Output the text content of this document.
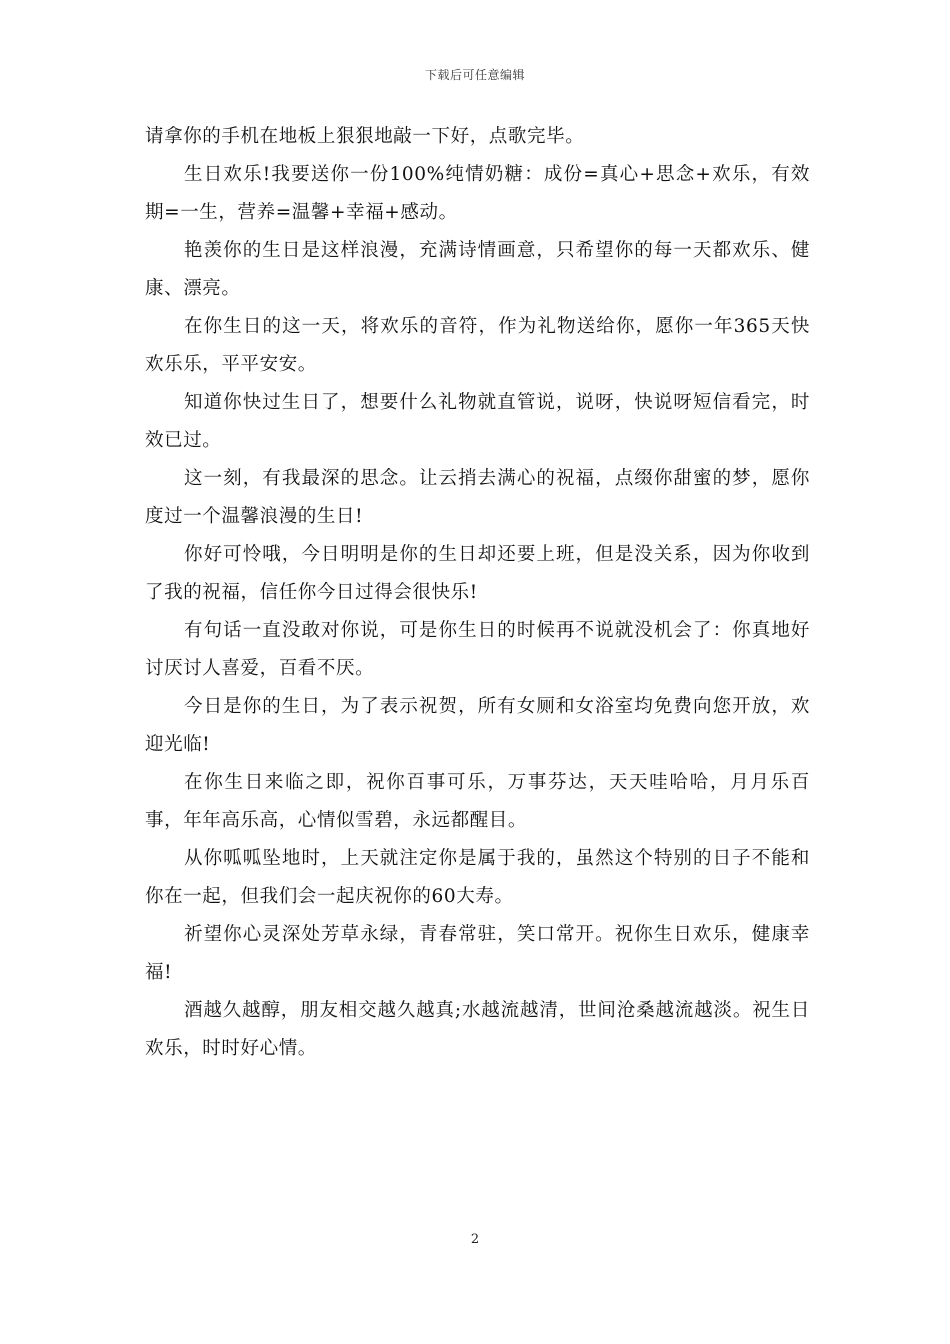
下载后可任意编辑

请拿你的手机在地板上狠狠地敲一下好，点歌完毕。

生日欢乐!我要送你一份100%纯情奶糖：成份=真心+思念+欢乐，有效期=一生，营养=温馨+幸福+感动。

艳羡你的生日是这样浪漫，充满诗情画意，只希望你的每一天都欢乐、健康、漂亮。

在你生日的这一天，将欢乐的音符，作为礼物送给你，愿你一年365天快欢乐乐，平平安安。

知道你快过生日了，想要什么礼物就直管说，说呀，快说呀短信看完，时效已过。

这一刻，有我最深的思念。让云捎去满心的祝福，点缀你甜蜜的梦，愿你度过一个温馨浪漫的生日!

你好可怜哦，今日明明是你的生日却还要上班，但是没关系，因为你收到了我的祝福，信任你今日过得会很快乐!

有句话一直没敢对你说，可是你生日的时候再不说就没机会了：你真地好讨厌讨人喜爱，百看不厌。

今日是你的生日，为了表示祝贺，所有女厕和女浴室均免费向您开放，欢迎光临!

在你生日来临之即，祝你百事可乐，万事芬达，天天哇哈哈，月月乐百事，年年高乐高，心情似雪碧，永远都醒目。

从你呱呱坠地时，上天就注定你是属于我的，虽然这个特别的日子不能和你在一起，但我们会一起庆祝你的60大寿。

祈望你心灵深处芳草永绿，青春常驻，笑口常开。祝你生日欢乐，健康幸福!

酒越久越醇，朋友相交越久越真;水越流越清，世间沧桑越流越淡。祝生日欢乐，时时好心情。

2
